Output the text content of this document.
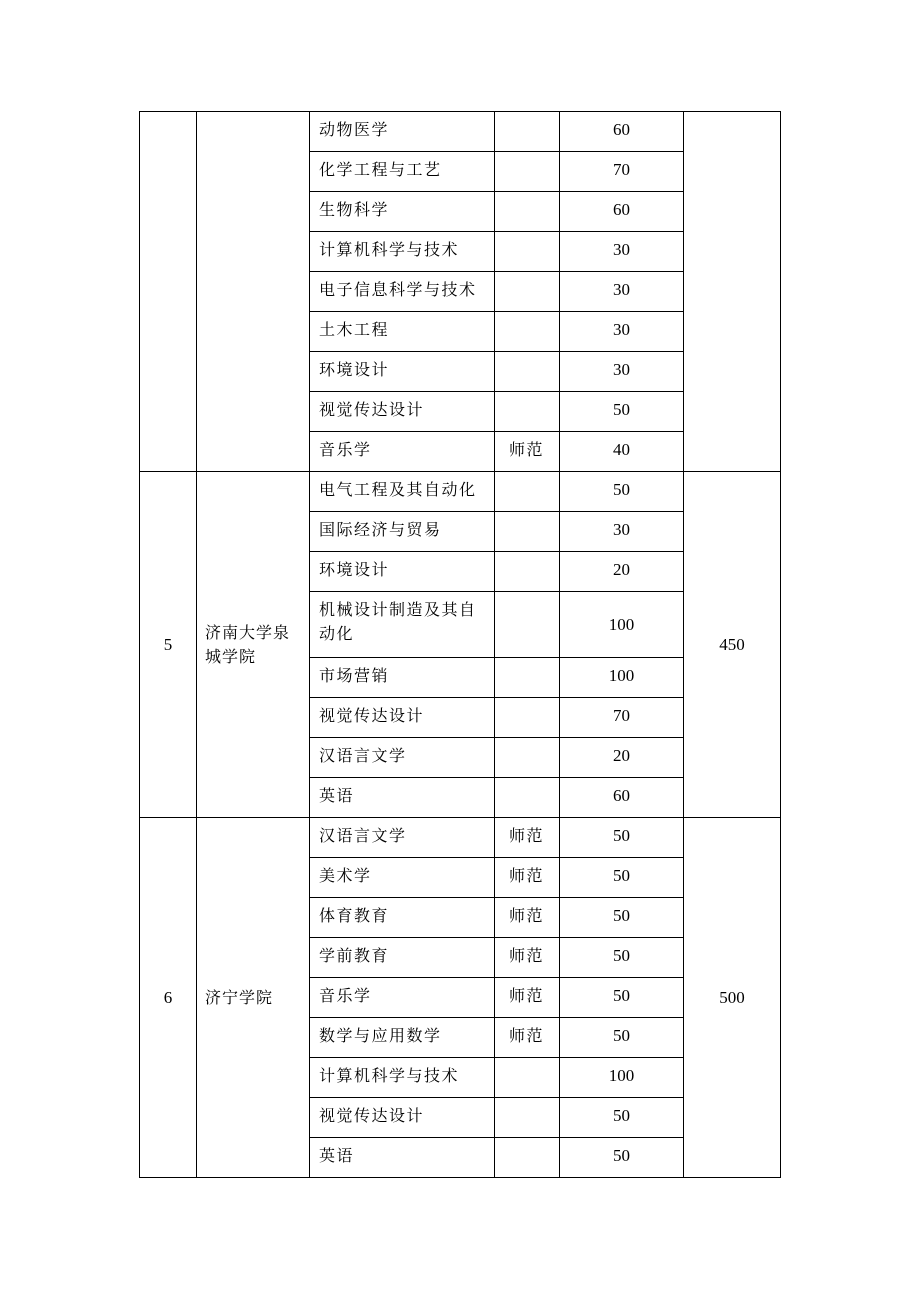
		动物医学		60	
		化学工程与工艺		70	
		生物科学		60	
		计算机科学与技术		30	
		电子信息科学与技术		30	
		土木工程		30	
		环境设计		30	
		视觉传达设计		50	
		音乐学	师范	40	
5	济南大学泉城学院	电气工程及其自动化		50	450
		国际经济与贸易		30	
		环境设计		20	
		机械设计制造及其自动化		100	
		市场营销		100	
		视觉传达设计		70	
		汉语言文学		20	
		英语		60	
6	济宁学院	汉语言文学	师范	50	500
		美术学	师范	50	
		体育教育	师范	50	
		学前教育	师范	50	
		音乐学	师范	50	
		数学与应用数学	师范	50	
		计算机科学与技术		100	
		视觉传达设计		50	
		英语		50	
